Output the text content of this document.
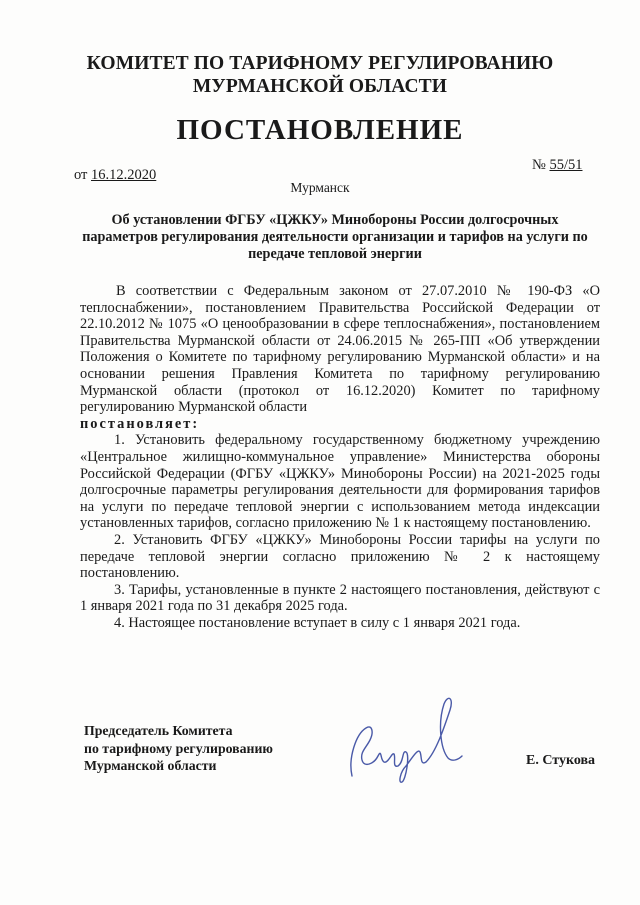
КОМИТЕТ ПО ТАРИФНОМУ РЕГУЛИРОВАНИЮ
МУРМАНСКОЙ ОБЛАСТИ
ПОСТАНОВЛЕНИЕ
от 16.12.2020
№ 55/51
Мурманск
Об установлении ФГБУ «ЦЖКУ» Минобороны России долгосрочных параметров регулирования деятельности организации и тарифов на услуги по передаче тепловой энергии

В соответствии с Федеральным законом от 27.07.2010 № 190-ФЗ «О теплоснабжении», постановлением Правительства Российской Федерации от 22.10.2012 № 1075 «О ценообразовании в сфере теплоснабжения», постановлением Правительства Мурманской области от 24.06.2015 № 265-ПП «Об утверждении Положения о Комитете по тарифному регулированию Мурманской области» и на основании решения Правления Комитета по тарифному регулированию Мурманской области (протокол от 16.12.2020) Комитет по тарифному регулированию Мурманской области

постановляет:

1. Установить федеральному государственному бюджетному учреждению «Центральное жилищно-коммунальное управление» Министерства обороны Российской Федерации (ФГБУ «ЦЖКУ» Минобороны России) на 2021-2025 годы долгосрочные параметры регулирования деятельности для формирования тарифов на услуги по передаче тепловой энергии с использованием метода индексации установленных тарифов, согласно приложению № 1 к настоящему постановлению.

2. Установить ФГБУ «ЦЖКУ» Минобороны России тарифы на услуги по передаче тепловой энергии согласно приложению № 2 к настоящему постановлению.

3. Тарифы, установленные в пункте 2 настоящего постановления, действуют с 1 января 2021 года по 31 декабря 2025 года.

4. Настоящее постановление вступает в силу с 1 января 2021 года.

Председатель Комитета
по тарифному регулированию
Мурманской области	Е. Стукова
